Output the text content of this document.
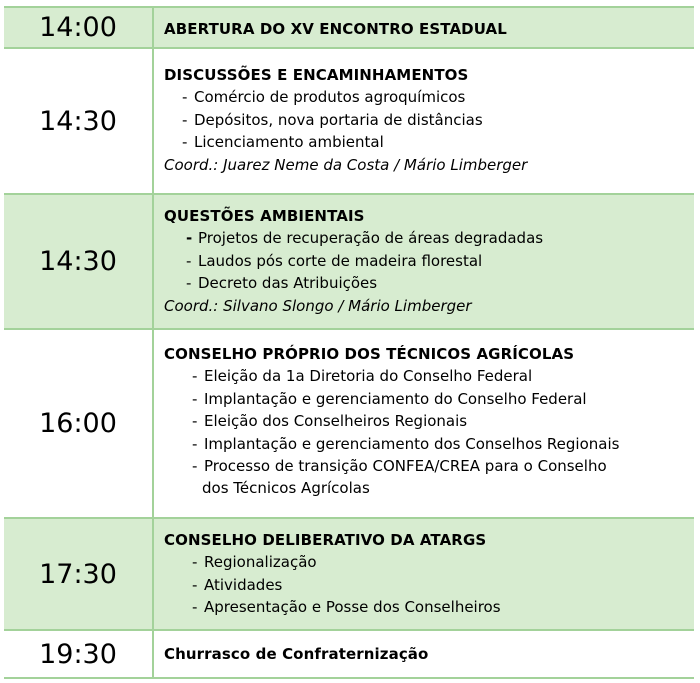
14:00	ABERTURA DO XV ENCONTRO ESTADUAL
14:30
DISCUSSÕES E ENCAMINHAMENTOS
- Comércio de produtos agroquímicos
- Depósitos, nova portaria de distâncias
- Licenciamento ambiental
Coord.: Juarez Neme da Costa / Mário Limberger
14:30
QUESTÕES AMBIENTAIS
- Projetos de recuperação de áreas degradadas
- Laudos pós corte de madeira florestal
- Decreto das Atribuições
Coord.: Silvano Slongo / Mário Limberger
16:00
CONSELHO PRÓPRIO DOS TÉCNICOS AGRÍCOLAS
- Eleição da 1a Diretoria do Conselho Federal
- Implantação e gerenciamento do Conselho Federal
- Eleição dos Conselheiros Regionais
- Implantação e gerenciamento dos Conselhos Regionais
- Processo de transição CONFEA/CREA para o Conselho
dos Técnicos Agrícolas
17:30
CONSELHO DELIBERATIVO DA ATARGS
- Regionalização
- Atividades
- Apresentação e Posse dos Conselheiros
19:30	Churrasco de Confraternização
